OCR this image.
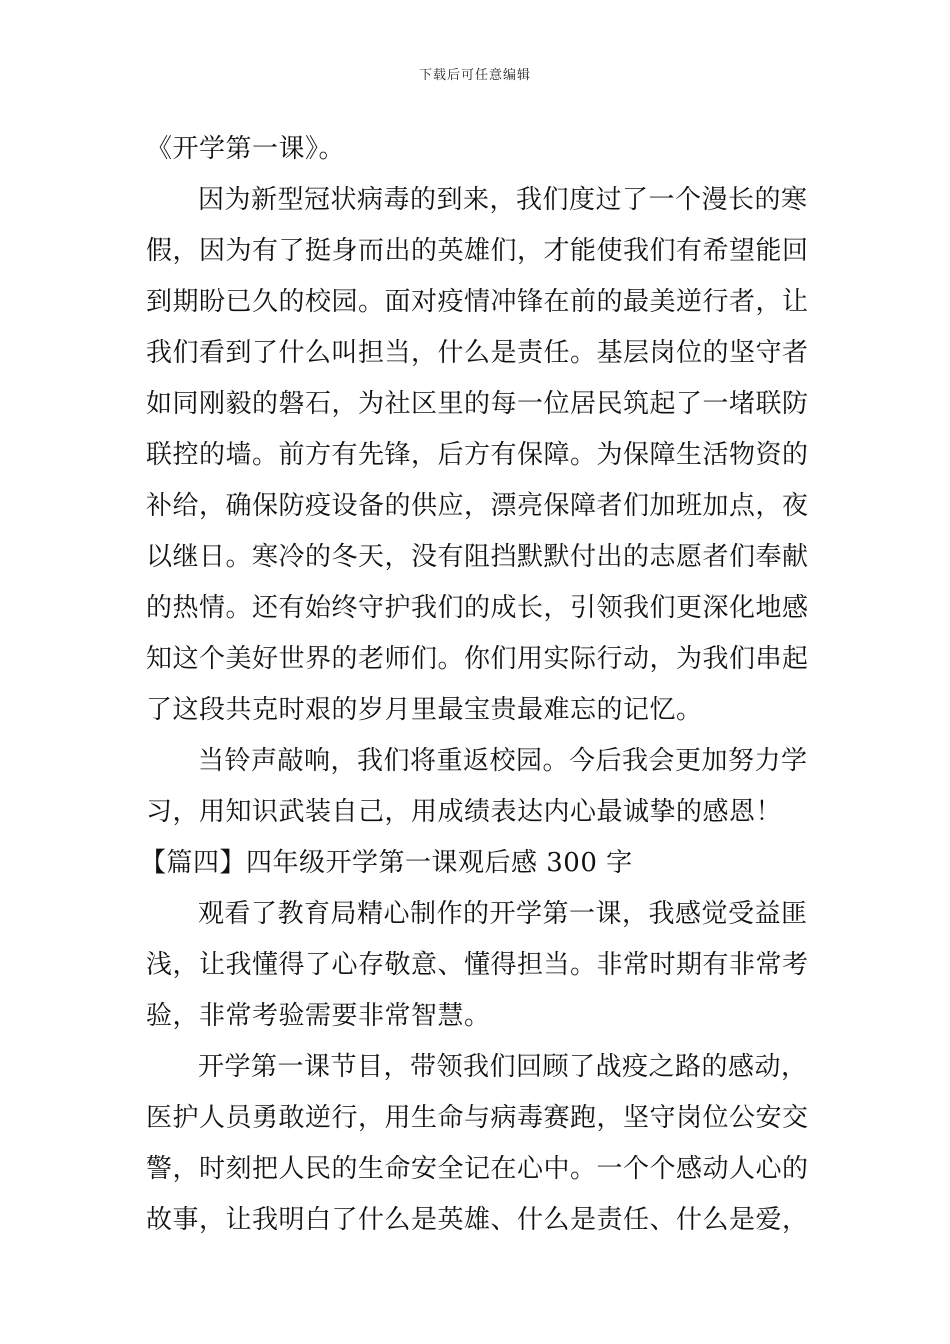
下载后可任意编辑
《开学第一课》。
因为新型冠状病毒的到来，我们度过了一个漫长的寒
假，因为有了挺身而出的英雄们，才能使我们有希望能回
到期盼已久的校园。面对疫情冲锋在前的最美逆行者，让
我们看到了什么叫担当，什么是责任。基层岗位的坚守者
如同刚毅的磐石，为社区里的每一位居民筑起了一堵联防
联控的墙。前方有先锋，后方有保障。为保障生活物资的
补给，确保防疫设备的供应，漂亮保障者们加班加点，夜
以继日。寒冷的冬天，没有阻挡默默付出的志愿者们奉献
的热情。还有始终守护我们的成长，引领我们更深化地感
知这个美好世界的老师们。你们用实际行动，为我们串起
了这段共克时艰的岁月里最宝贵最难忘的记忆。
当铃声敲响，我们将重返校园。今后我会更加努力学
习，用知识武装自己，用成绩表达内心最诚挚的感恩！
【篇四】四年级开学第一课观后感 300 字
观看了教育局精心制作的开学第一课，我感觉受益匪
浅，让我懂得了心存敬意、懂得担当。非常时期有非常考
验，非常考验需要非常智慧。
开学第一课节目，带领我们回顾了战疫之路的感动，
医护人员勇敢逆行，用生命与病毒赛跑，坚守岗位公安交
警，时刻把人民的生命安全记在心中。一个个感动人心的
故事，让我明白了什么是英雄、什么是责任、什么是爱，
